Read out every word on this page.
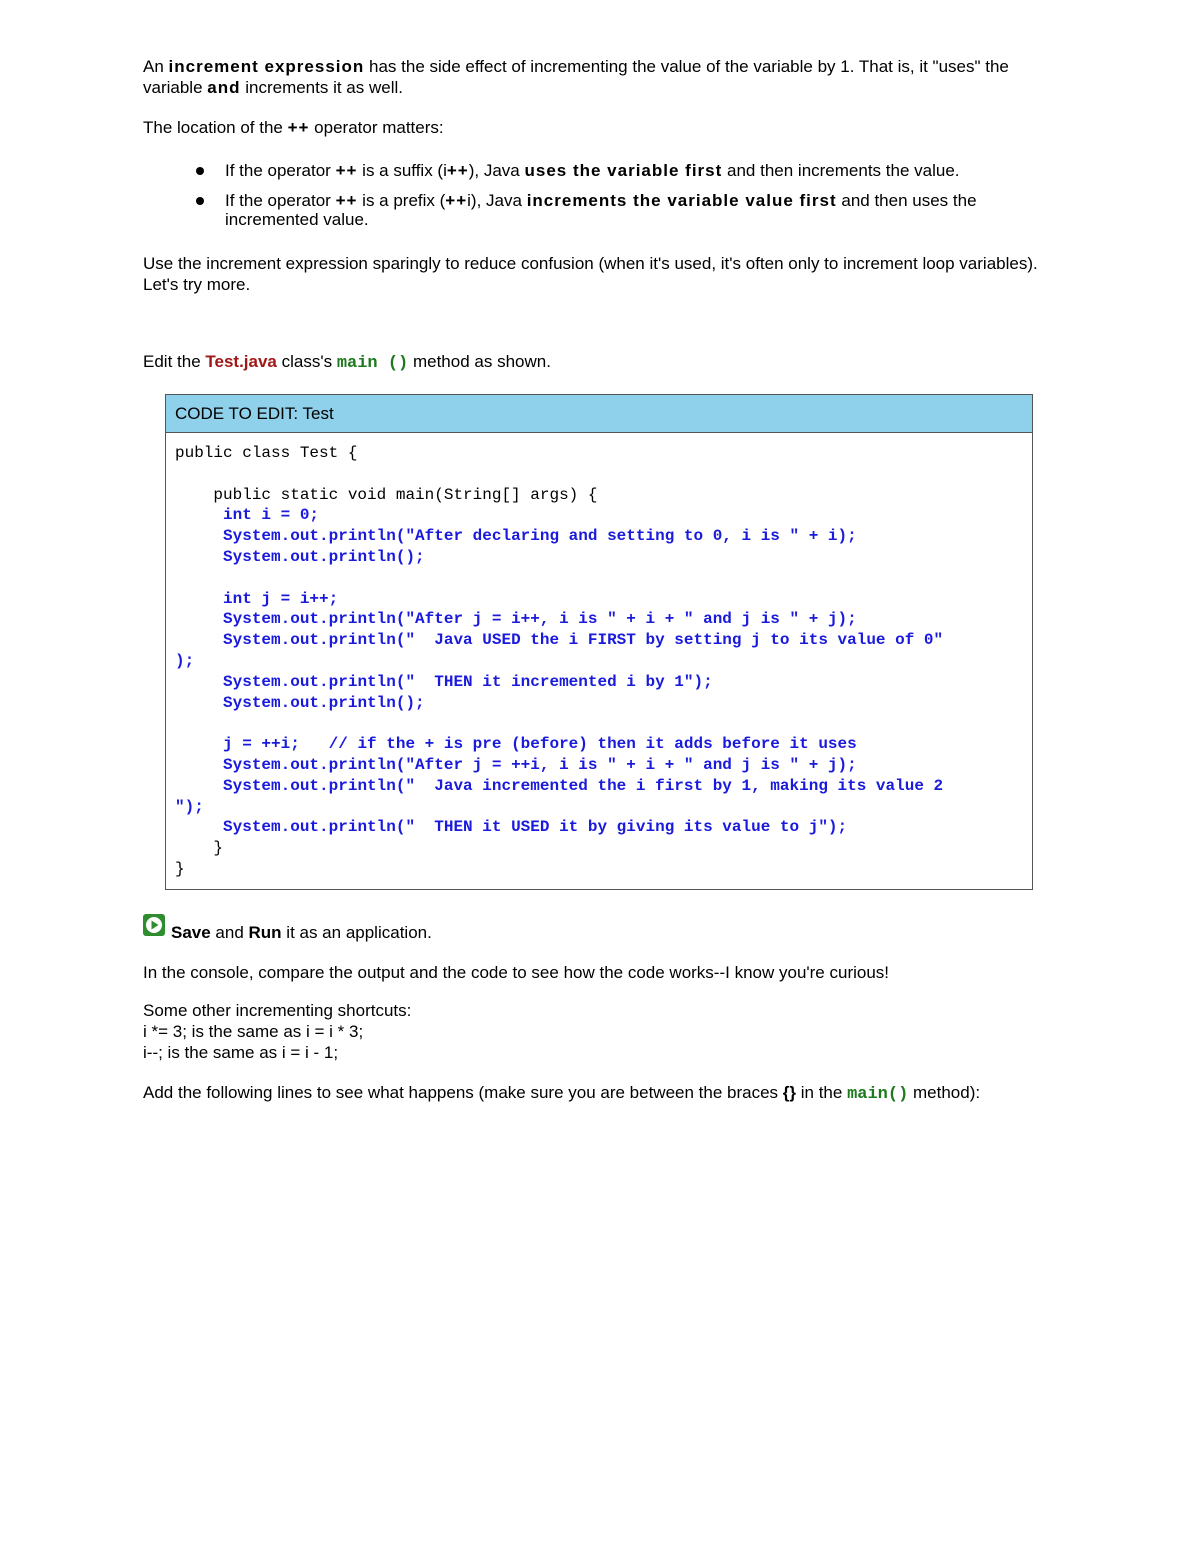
An increment expression has the side effect of incrementing the value of the variable by 1. That is, it "uses" the variable and increments it as well.

The location of the ++ operator matters:

If the operator ++ is a suffix (i++), Java uses the variable first and then increments the value.
If the operator ++ is a prefix (++i), Java increments the variable value first and then uses the incremented value.

Use the increment expression sparingly to reduce confusion (when it's used, it's often only to increment loop variables). Let's try more.

Edit the Test.java class's main () method as shown.

CODE TO EDIT: Test
public class Test {

public static void main(String[] args) {
int i = 0;
System.out.println("After declaring and setting to 0, i is " + i);
System.out.println();

int j = i++;
System.out.println("After j = i++, i is " + i + " and j is " + j);
System.out.println("  Java USED the i FIRST by setting j to its value of 0"
);
System.out.println("  THEN it incremented i by 1");
System.out.println();

j = ++i;   // if the + is pre (before) then it adds before it uses
System.out.println("After j = ++i, i is " + i + " and j is " + j);
System.out.println("  Java incremented the i first by 1, making its value 2
");
System.out.println("  THEN it USED it by giving its value to j");
}
}

Save and Run it as an application.

In the console, compare the output and the code to see how the code works--I know you're curious!

Some other incrementing shortcuts:
i *= 3; is the same as i = i * 3;
i--; is the same as i = i - 1;

Add the following lines to see what happens (make sure you are between the braces {} in the main() method):
